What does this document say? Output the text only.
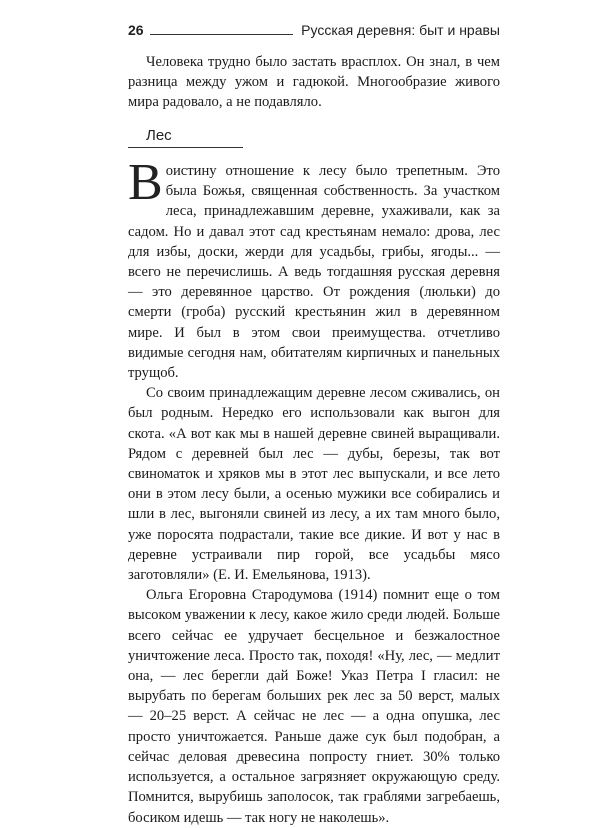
26	Русская деревня: быт и нравы

Человека трудно было застать врасплох. Он знал, в чем разница между ужом и гадюкой. Многообразие живого мира радовало, а не подавляло.

Лес

Воистину отношение к лесу было трепетным. Это была Божья, священная собственность. За участком леса, принадлежавшим деревне, ухаживали, как за садом. Но и давал этот сад крестьянам немало: дрова, лес для избы, доски, жерди для усадьбы, грибы, ягоды... — всего не перечислишь. А ведь тогдашняя русская деревня — это деревянное царство. От рождения (люльки) до смерти (гроба) русский крестьянин жил в деревянном мире. И был в этом свои преимущества. отчетливо видимые сегодня нам, обитателям кирпичных и панельных трущоб.

Со своим принадлежащим деревне лесом сживались, он был родным. Нередко его использовали как выгон для скота. «А вот как мы в нашей деревне свиней выращивали. Рядом с деревней был лес — дубы, березы, так вот свиноматок и хряков мы в этот лес выпускали, и все лето они в этом лесу были, а осенью мужики все собирались и шли в лес, выгоняли свиней из лесу, а их там много было, уже поросята подрастали, такие все дикие. И вот у нас в деревне устраивали пир горой, все усадьбы мясо заготовляли» (Е. И. Емельянова, 1913).

Ольга Егоровна Стародумова (1914) помнит еще о том высоком уважении к лесу, какое жило среди людей. Больше всего сейчас ее удручает бесцельное и безжалостное уничтожение леса. Просто так, походя! «Ну, лес, — медлит она, — лес берегли дай Боже! Указ Петра I гласил: не вырубать по берегам больших рек лес за 50 верст, малых — 20–25 верст. А сейчас не лес — а одна опушка, лес просто уничтожается. Раньше даже сук был подобран, а сейчас деловая древесина попросту гниет. 30% только используется, а остальное загрязняет окружающую среду. Помнится, вырубишь заполосок, так граблями загребаешь, босиком идешь — так ногу не наколешь».
